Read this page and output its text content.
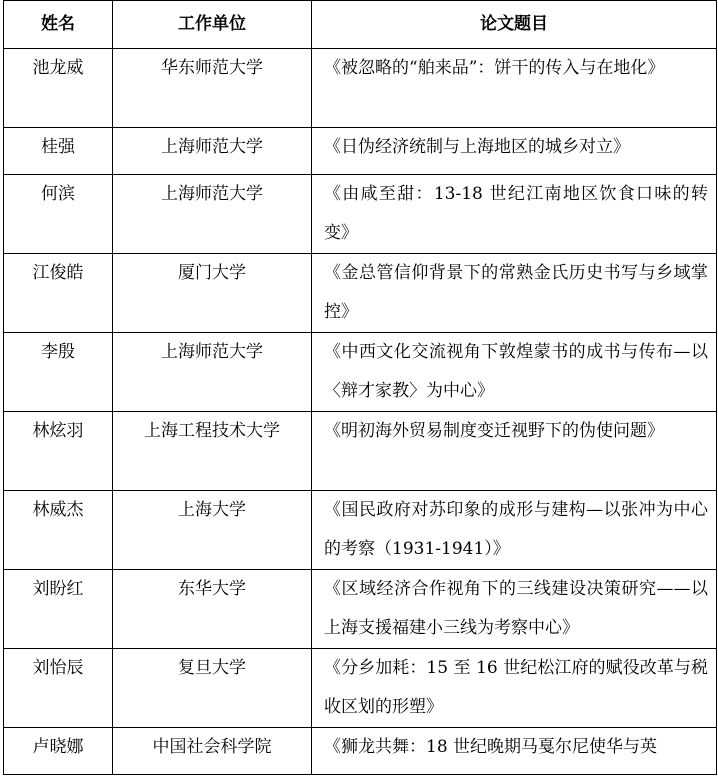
姓名	工作单位	论文题目
池龙威	华东师范大学	《被忽略的“舶来品”：饼干的传入与在地化》
桂强	上海师范大学	《日伪经济统制与上海地区的城乡对立》
何滨	上海师范大学	《由咸至甜：13-18 世纪江南地区饮食口味的转变》
江俊皓	厦门大学	《金总管信仰背景下的常熟金氏历史书写与乡域掌控》
李殷	上海师范大学	《中西文化交流视角下敦煌蒙书的成书与传布—以〈辩才家教〉为中心》
林炫羽	上海工程技术大学	《明初海外贸易制度变迁视野下的伪使问题》
林威杰	上海大学	《国民政府对苏印象的成形与建构—以张冲为中心的考察（1931-1941）》
刘盼红	东华大学	《区域经济合作视角下的三线建设决策研究——以上海支援福建小三线为考察中心》
刘怡辰	复旦大学	《分乡加耗：15 至 16 世纪松江府的赋役改革与税收区划的形塑》
卢晓娜	中国社会科学院	《狮龙共舞：18 世纪晚期马戛尔尼使华与英
